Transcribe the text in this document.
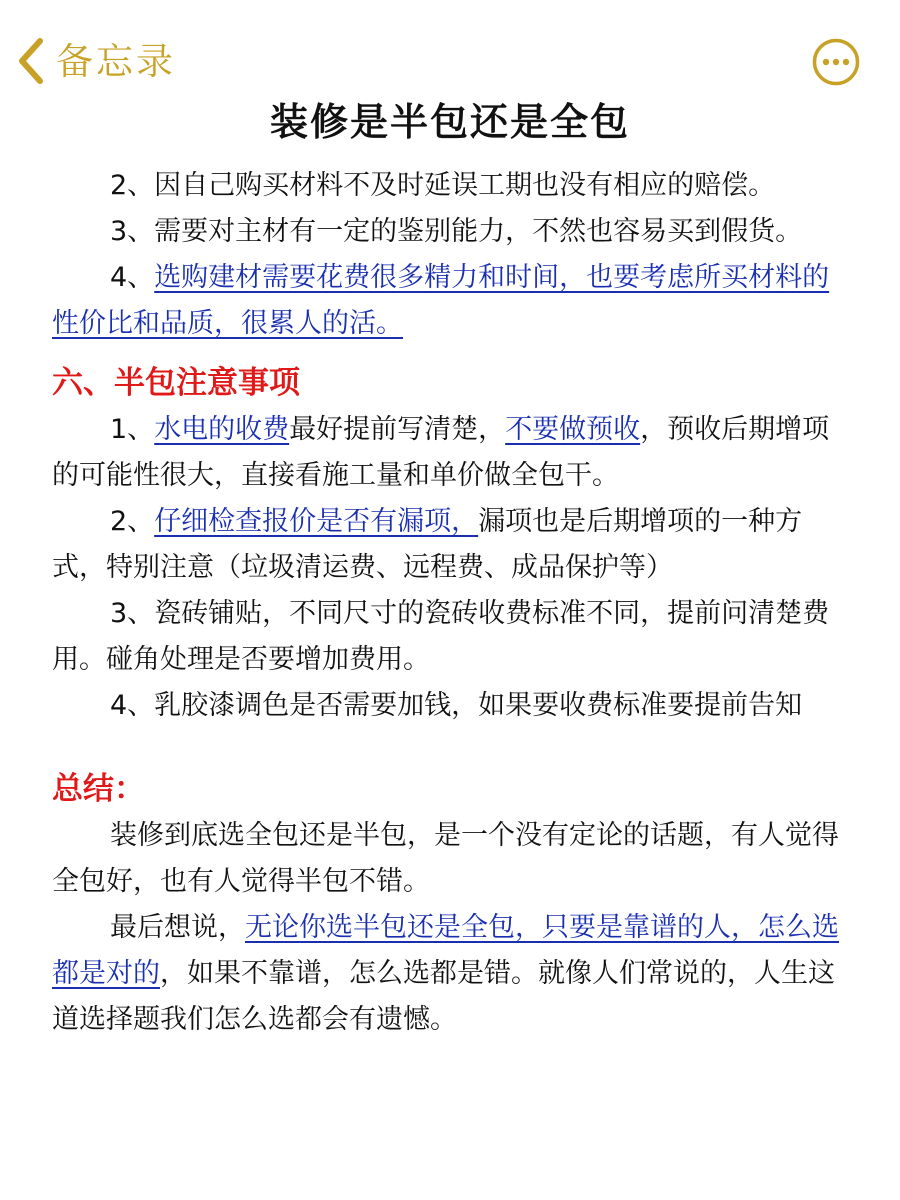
备忘录
装修是半包还是全包

2、因自己购买材料不及时延误工期也没有相应的赔偿。

3、需要对主材有一定的鉴别能力，不然也容易买到假货。

4、选购建材需要花费很多精力和时间，也要考虑所买材料的性价比和品质，很累人的活。

六、半包注意事项

1、水电的收费最好提前写清楚，不要做预收，预收后期增项的可能性很大，直接看施工量和单价做全包干。

2、仔细检查报价是否有漏项，漏项也是后期增项的一种方式，特别注意（垃圾清运费、远程费、成品保护等）

3、瓷砖铺贴，不同尺寸的瓷砖收费标准不同，提前问清楚费用。碰角处理是否要增加费用。

4、乳胶漆调色是否需要加钱，如果要收费标准要提前告知

总结：

装修到底选全包还是半包，是一个没有定论的话题，有人觉得全包好，也有人觉得半包不错。

最后想说，无论你选半包还是全包，只要是靠谱的人，怎么选都是对的，如果不靠谱，怎么选都是错。就像人们常说的，人生这道选择题我们怎么选都会有遗憾。
